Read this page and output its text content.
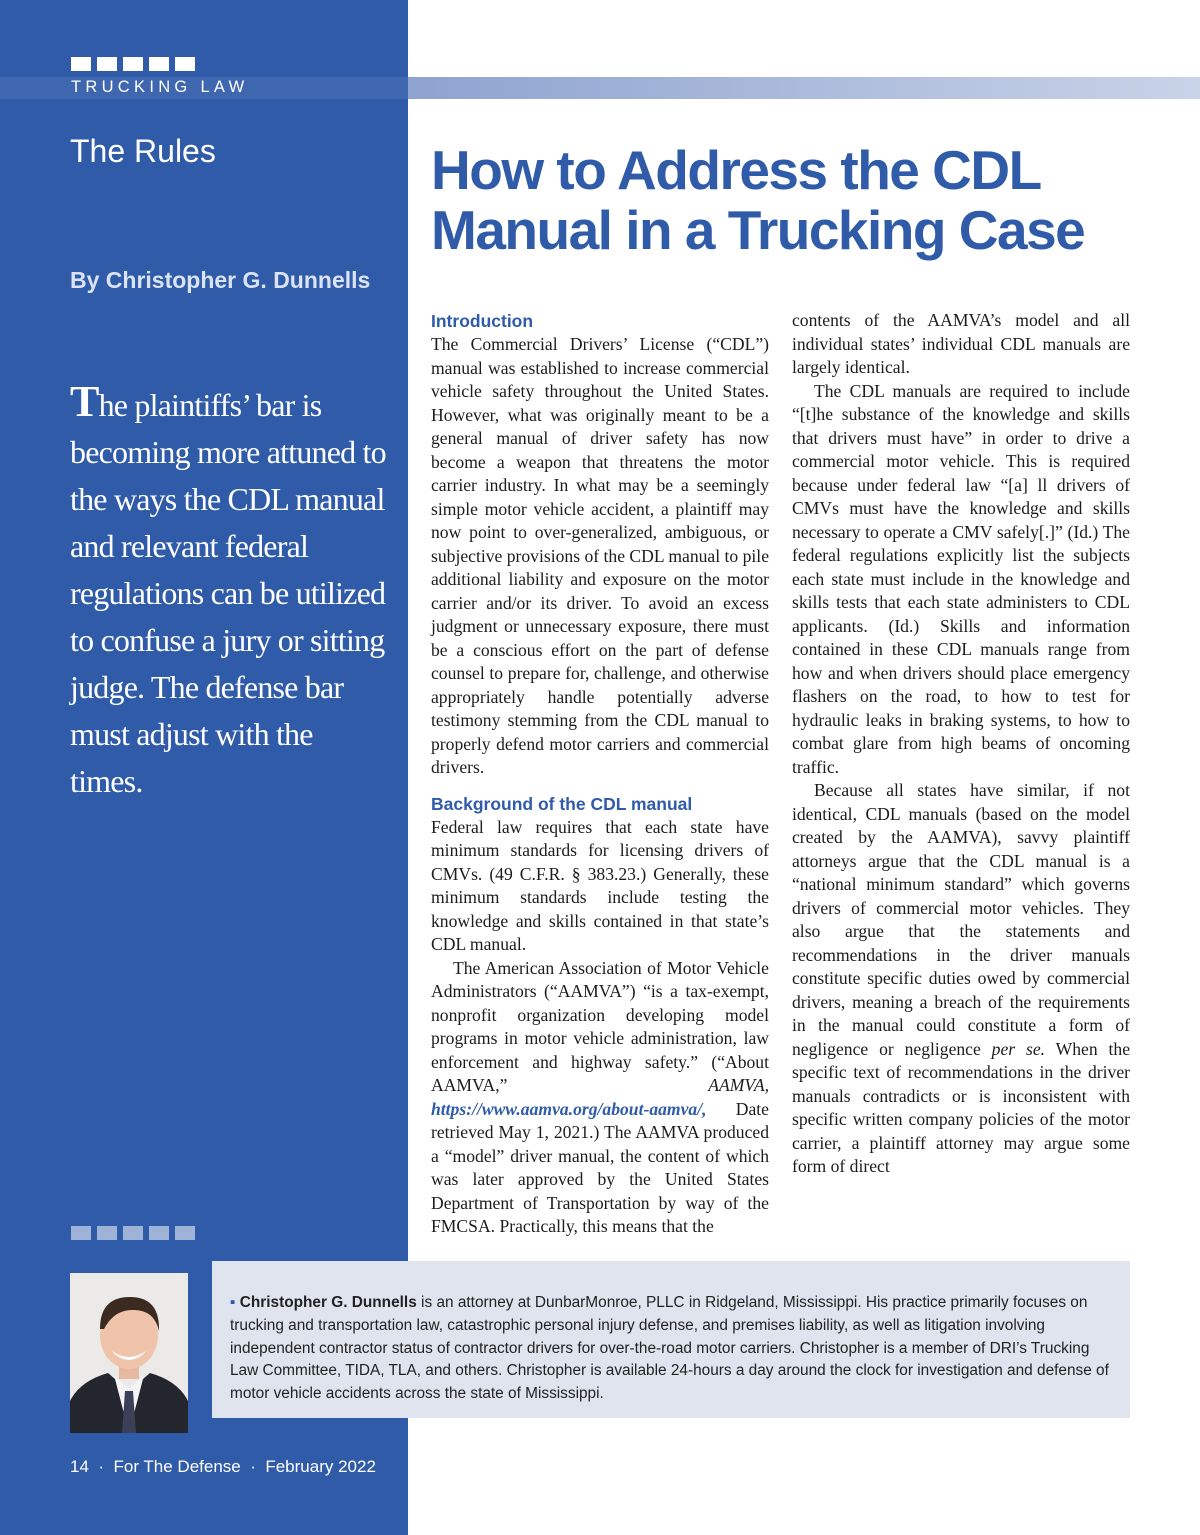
TRUCKING LAW
The Rules
By Christopher G. Dunnells
The plaintiffs’ bar is becoming more attuned to the ways the CDL manual and relevant federal regulations can be utilized to confuse a jury or sitting judge. The defense bar must adjust with the times.
How to Address the CDL Manual in a Trucking Case
Introduction

The Commercial Drivers’ License (“CDL”) manual was established to increase commercial vehicle safety throughout the United States. However, what was originally meant to be a general manual of driver safety has now become a weapon that threatens the motor carrier industry. In what may be a seemingly simple motor vehicle accident, a plaintiff may now point to over-generalized, ambiguous, or subjective provisions of the CDL manual to pile additional liability and exposure on the motor carrier and/or its driver. To avoid an excess judgment or unnecessary exposure, there must be a conscious effort on the part of defense counsel to prepare for, challenge, and otherwise appropriately handle potentially adverse testimony stemming from the CDL manual to properly defend motor carriers and commercial drivers.

Background of the CDL manual

Federal law requires that each state have minimum standards for licensing drivers of CMVs. (49 C.F.R. § 383.23.) Generally, these minimum standards include testing the knowledge and skills contained in that state’s CDL manual.

The American Association of Motor Vehicle Administrators (“AAMVA”) “is a tax-exempt, nonprofit organization developing model programs in motor vehicle administration, law enforcement and highway safety.” (“About AAMVA,”	AAMVA, https://www.aamva.org/about-aamva/, Date retrieved May 1, 2021.) The AAMVA produced a “model” driver manual, the content of which was later approved by the United States Department of Transportation by way of the FMCSA. Practically, this means that the

contents of the AAMVA’s model and all individual states’ individual CDL manuals are largely identical.

The CDL manuals are required to include “[t]he substance of the knowledge and skills that drivers must have” in order to drive a commercial motor vehicle. This is required because under federal law “[a] ll drivers of CMVs must have the knowledge and skills necessary to operate a CMV safely[.]” (Id.) The federal regulations explicitly list the subjects each state must include in the knowledge and skills tests that each state administers to CDL applicants. (Id.) Skills and information contained in these CDL manuals range from how and when drivers should place emergency flashers on the road, to how to test for hydraulic leaks in braking systems, to how to combat glare from high beams of oncoming traffic.

Because all states have similar, if not identical, CDL manuals (based on the model created by the AAMVA), savvy plaintiff attorneys argue that the CDL manual is a “national minimum standard” which governs drivers of commercial motor vehicles. They also argue that the statements and recommendations in the driver manuals constitute specific duties owed by commercial drivers, meaning a breach of the requirements in the manual could constitute a form of negligence or negligence per se. When the specific text of recommendations in the driver manuals contradicts or is inconsistent with specific written company policies of the motor carrier, a plaintiff attorney may argue some form of direct

▪ Christopher G. Dunnells is an attorney at DunbarMonroe, PLLC in Ridgeland, Mississippi. His practice primarily focuses on trucking and transportation law, catastrophic personal injury defense, and premises liability, as well as litigation involving independent contractor status of contractor drivers for over-the-road motor carriers. Christopher is a member of DRI’s Trucking Law Committee, TIDA, TLA, and others. Christopher is available 24-hours a day around the clock for investigation and defense of motor vehicle accidents across the state of Mississippi.
14 · For The Defense · February 2022
